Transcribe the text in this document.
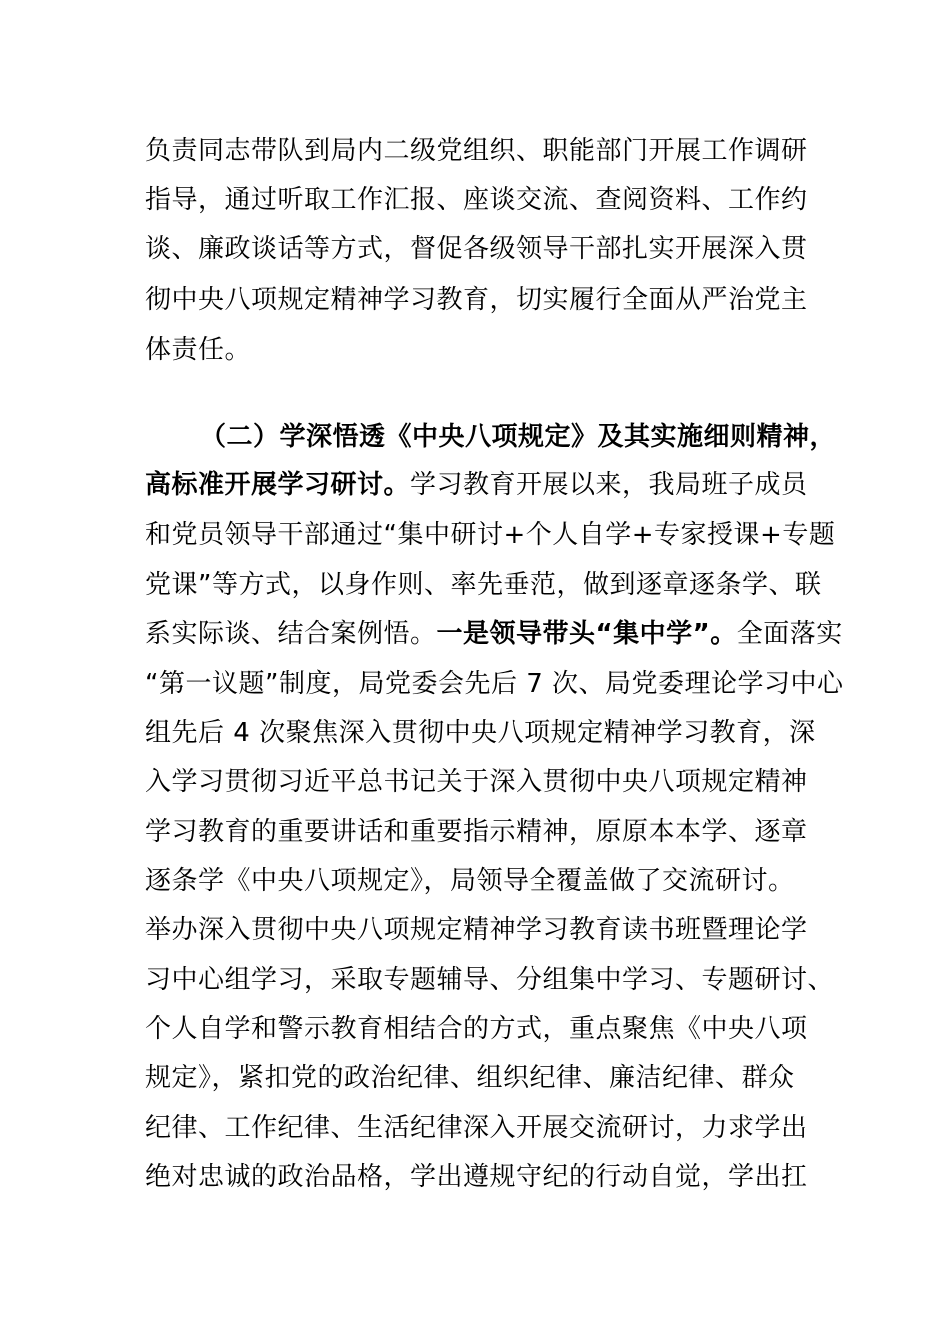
负责同志带队到局内二级党组织、职能部门开展工作调研
指导，通过听取工作汇报、座谈交流、查阅资料、工作约
谈、廉政谈话等方式，督促各级领导干部扎实开展深入贯
彻中央八项规定精神学习教育，切实履行全面从严治党主
体责任。
（二）学深悟透《中央八项规定》及其实施细则精神，
高标准开展学习研讨。学习教育开展以来，我局班子成员
和党员领导干部通过“集中研讨+个人自学+专家授课+专题
党课”等方式，以身作则、率先垂范，做到逐章逐条学、联
系实际谈、结合案例悟。一是领导带头“集中学”。全面落实
“第一议题”制度，局党委会先后 7 次、局党委理论学习中心
组先后 4 次聚焦深入贯彻中央八项规定精神学习教育，深
入学习贯彻习近平总书记关于深入贯彻中央八项规定精神
学习教育的重要讲话和重要指示精神，原原本本学、逐章
逐条学《中央八项规定》，局领导全覆盖做了交流研讨。
举办深入贯彻中央八项规定精神学习教育读书班暨理论学
习中心组学习，采取专题辅导、分组集中学习、专题研讨、
个人自学和警示教育相结合的方式，重点聚焦《中央八项
规定》，紧扣党的政治纪律、组织纪律、廉洁纪律、群众
纪律、工作纪律、生活纪律深入开展交流研讨，力求学出
绝对忠诚的政治品格，学出遵规守纪的行动自觉，学出扛
